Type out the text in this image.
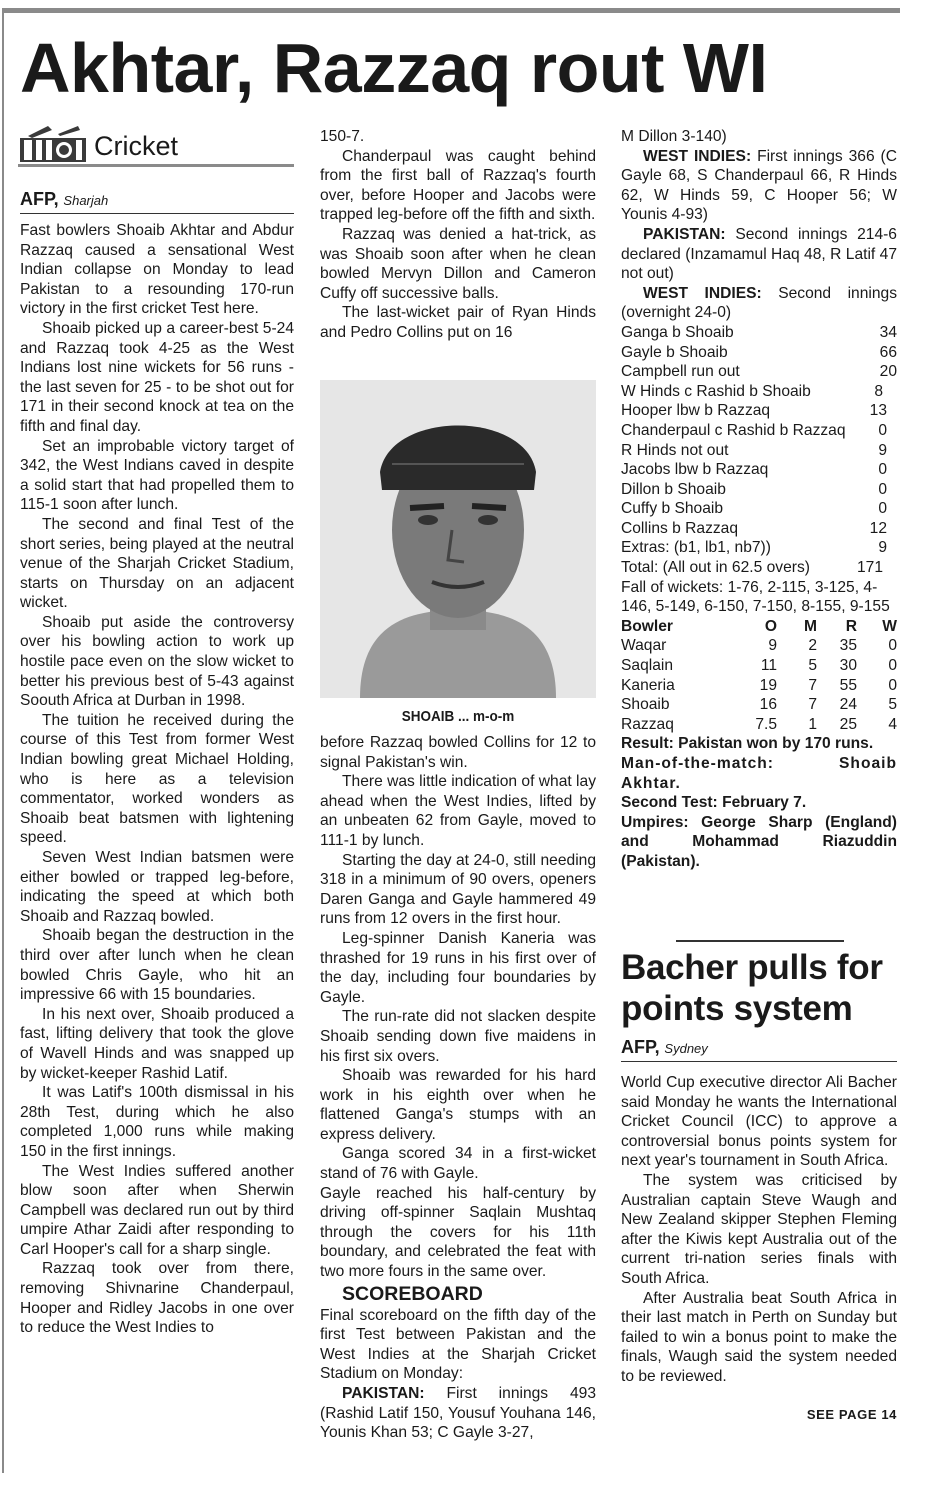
Akhtar, Razzaq rout WI
Cricket
AFP, Sharjah

Fast bowlers Shoaib Akhtar and Abdur Razzaq caused a sensational West Indian collapse on Monday to lead Pakistan to a resounding 170-run victory in the first cricket Test here.

Shoaib picked up a career-best 5-24 and Razzaq took 4-25 as the West Indians lost nine wickets for 56 runs - the last seven for 25 - to be shot out for 171 in their second knock at tea on the fifth and final day.

Set an improbable victory target of 342, the West Indians caved in despite a solid start that had propelled them to 115-1 soon after lunch.

The second and final Test of the short series, being played at the neutral venue of the Sharjah Cricket Stadium, starts on Thursday on an adjacent wicket.

Shoaib put aside the controversy over his bowling action to work up hostile pace even on the slow wicket to better his previous best of 5-43 against Soouth Africa at Durban in 1998.

The tuition he received during the course of this Test from former West Indian bowling great Michael Holding, who is here as a television commentator, worked wonders as Shoaib beat batsmen with lightening speed.

Seven West Indian batsmen were either bowled or trapped leg-before, indicating the speed at which both Shoaib and Razzaq bowled.

Shoaib began the destruction in the third over after lunch when he clean bowled Chris Gayle, who hit an impressive 66 with 15 boundaries.

In his next over, Shoaib produced a fast, lifting delivery that took the glove of Wavell Hinds and was snapped up by wicket-keeper Rashid Latif.

It was Latif's 100th dismissal in his 28th Test, during which he also completed 1,000 runs while making 150 in the first innings.

The West Indies suffered another blow soon after when Sherwin Campbell was declared run out by third umpire Athar Zaidi after responding to Carl Hooper's call for a sharp single.

Razzaq took over from there, removing Shivnarine Chanderpaul, Hooper and Ridley Jacobs in one over to reduce the West Indies to

150-7.

Chanderpaul was caught behind from the first ball of Razzaq's fourth over, before Hooper and Jacobs were trapped leg-before off the fifth and sixth.

Razzaq was denied a hat-trick, as was Shoaib soon after when he clean bowled Mervyn Dillon and Cameron Cuffy off successive balls.

The last-wicket pair of Ryan Hinds and Pedro Collins put on 16

SHOAIB ... m-o-m

before Razzaq bowled Collins for 12 to signal Pakistan's win.

There was little indication of what lay ahead when the West Indies, lifted by an unbeaten 62 from Gayle, moved to 111-1 by lunch.

Starting the day at 24-0, still needing 318 in a minimum of 90 overs, openers Daren Ganga and Gayle hammered 49 runs from 12 overs in the first hour.

Leg-spinner Danish Kaneria was thrashed for 19 runs in his first over of the day, including four boundaries by Gayle.

The run-rate did not slacken despite Shoaib sending down five maidens in his first six overs.

Shoaib was rewarded for his hard work in his eighth over when he flattened Ganga's stumps with an express delivery.

Ganga scored 34 in a first-wicket stand of 76 with Gayle.

Gayle reached his half-century by driving off-spinner Saqlain Mushtaq through the covers for his 11th boundary, and celebrated the feat with two more fours in the same over.

SCOREBOARD

Final scoreboard on the fifth day of the first Test between Pakistan and the West Indies at the Sharjah Cricket Stadium on Monday:

PAKISTAN: First innings 493 (Rashid Latif 150, Yousuf Youhana 146, Younis Khan 53; C Gayle 3-27,

M Dillon 3-140)

WEST INDIES: First innings 366 (C Gayle 68, S Chanderpaul 66, R Hinds 62, W Hinds 59, C Hooper 56; W Younis 4-93)

PAKISTAN: Second innings 214-6 declared (Inzamamul Haq 48, R Latif 47 not out)

WEST INDIES: Second innings (overnight 24-0)

Ganga b Shoaib	34
Gayle b Shoaib	66
Campbell run out	20
W Hinds c Rashid b Shoaib	8
Hooper lbw b Razzaq	13
Chanderpaul c Rashid b Razzaq 0
R Hinds not out	9
Jacobs lbw b Razzaq	0
Dillon b Shoaib	0
Cuffy b Shoaib	0
Collins b Razzaq	12
Extras: (b1, lb1, nb7))	9
Total: (All out in 62.5 overs)	171

Fall of wickets: 1-76, 2-115, 3-125, 4-146, 5-149, 6-150, 7-150, 8-155, 9-155

Bowler	O	M	R	W
Waqar	9	2	35	0
Saqlain	11	5	30	0
Kaneria	19	7	55	0
Shoaib	16	7	24	5
Razzaq	7.5	1	25	4

Result: Pakistan won by 170 runs.

Man-of-the-match: Shoaib Akhtar.

Second Test: February 7.

Umpires: George Sharp (England) and Mohammad Riazuddin (Pakistan).

Bacher pulls for points system
AFP, Sydney

World Cup executive director Ali Bacher said Monday he wants the International Cricket Council (ICC) to approve a controversial bonus points system for next year's tournament in South Africa.

The system was criticised by Australian captain Steve Waugh and New Zealand skipper Stephen Fleming after the Kiwis kept Australia out of the current tri-nation series finals with South Africa.

After Australia beat South Africa in their last match in Perth on Sunday but failed to win a bonus point to make the finals, Waugh said the system needed to be reviewed.

SEE PAGE 14
